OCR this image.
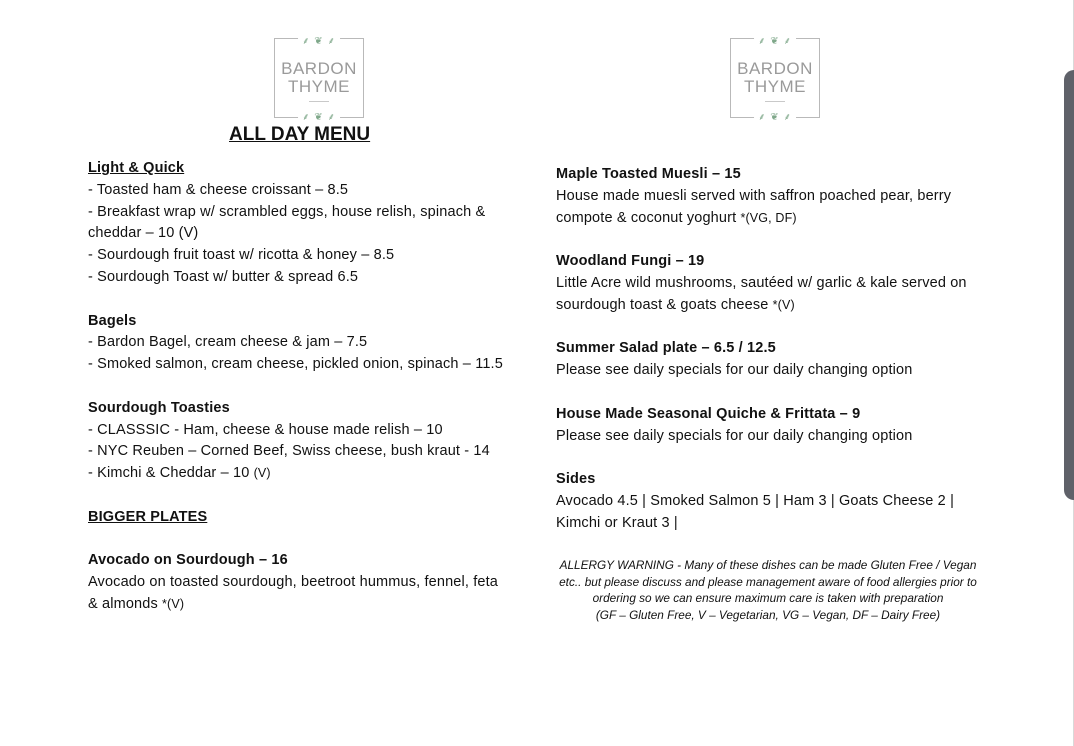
⸙ ❦ ⸙
BARDON
THYME
⸙ ❦ ⸙
⸙ ❦ ⸙
BARDON
THYME
⸙ ❦ ⸙
ALL DAY MENU

Light & Quick

- Toasted ham & cheese croissant – 8.5

- Breakfast wrap w/ scrambled eggs, house relish, spinach & cheddar – 10 (V)

- Sourdough fruit toast w/ ricotta & honey – 8.5

- Sourdough Toast w/ butter & spread 6.5

Bagels

- Bardon Bagel, cream cheese & jam – 7.5

- Smoked salmon, cream cheese, pickled onion, spinach – 11.5

Sourdough Toasties

- CLASSSIC - Ham, cheese & house made relish – 10

- NYC Reuben – Corned Beef, Swiss cheese, bush kraut - 14

- Kimchi & Cheddar – 10 (V)

BIGGER PLATES

Avocado on Sourdough – 16

Avocado on toasted sourdough, beetroot hummus, fennel, feta & almonds *(V)

Maple Toasted Muesli – 15

House made muesli served with saffron poached pear, berry compote & coconut yoghurt *(VG, DF)

Woodland Fungi – 19

Little Acre wild mushrooms, sautéed w/ garlic & kale served on sourdough toast & goats cheese *(V)

Summer Salad plate – 6.5 / 12.5

Please see daily specials for our daily changing option

House Made Seasonal Quiche & Frittata – 9

Please see daily specials for our daily changing option

Sides

Avocado 4.5 | Smoked Salmon 5 | Ham 3 | Goats Cheese 2 | Kimchi or Kraut 3 |

ALLERGY WARNING - Many of these dishes can be made Gluten Free / Vegan etc.. but please discuss and please management aware of food allergies prior to ordering so we can ensure maximum care is taken with preparation

(GF – Gluten Free, V – Vegetarian, VG – Vegan, DF – Dairy Free)
